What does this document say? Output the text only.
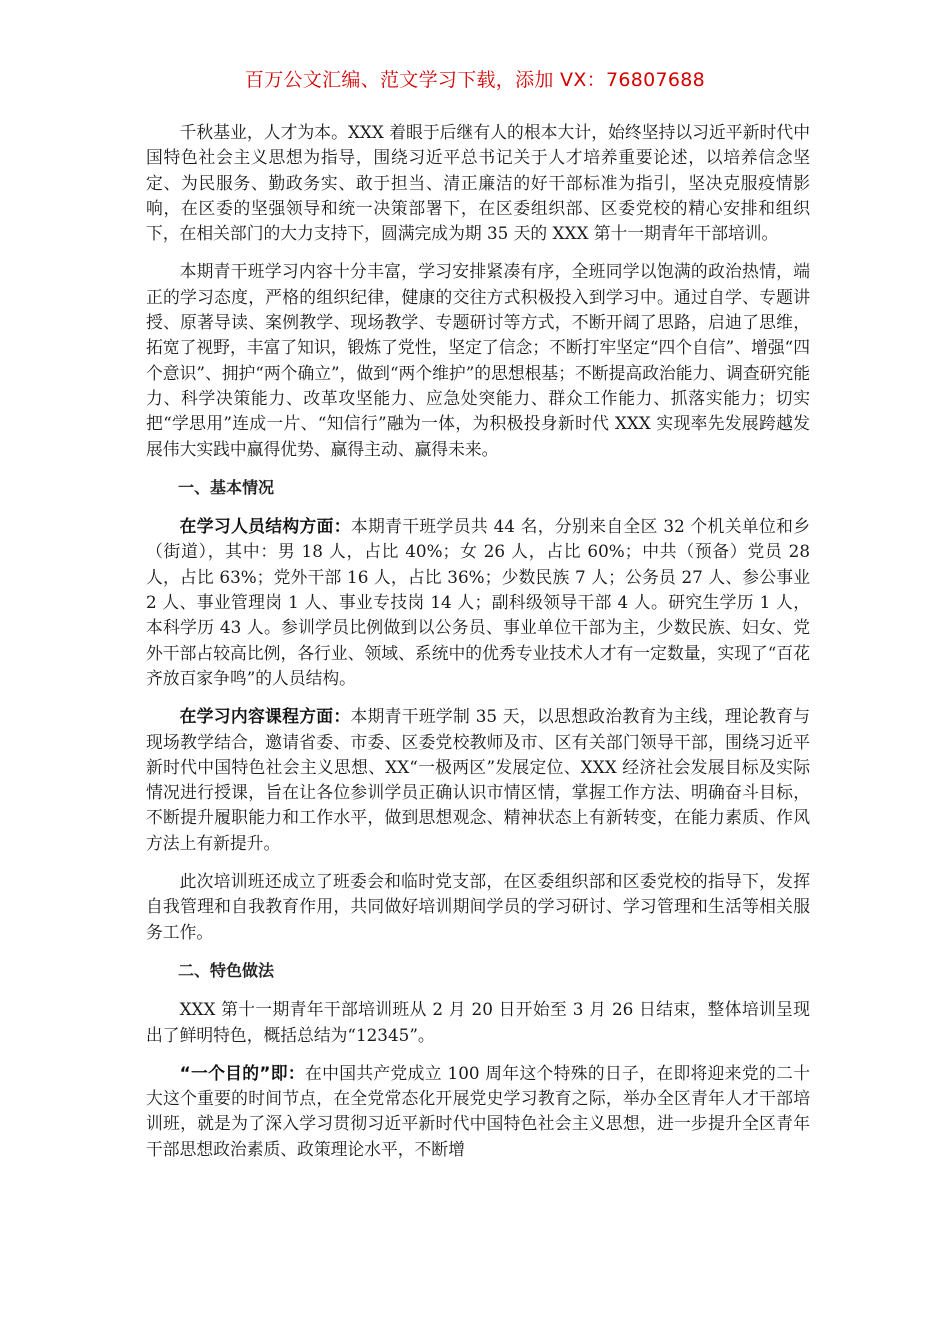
百万公文汇编、范文学习下载，添加 VX：76807688

千秋基业，人才为本。XXX 着眼于后继有人的根本大计，始终坚持以习近平新时代中国特色社会主义思想为指导，围绕习近平总书记关于人才培养重要论述，以培养信念坚定、为民服务、勤政务实、敢于担当、清正廉洁的好干部标准为指引，坚决克服疫情影响，在区委的坚强领导和统一决策部署下，在区委组织部、区委党校的精心安排和组织下，在相关部门的大力支持下，圆满完成为期 35 天的 XXX 第十一期青年干部培训。

本期青干班学习内容十分丰富，学习安排紧凑有序，全班同学以饱满的政治热情，端正的学习态度，严格的组织纪律，健康的交往方式积极投入到学习中。通过自学、专题讲授、原著导读、案例教学、现场教学、专题研讨等方式，不断开阔了思路，启迪了思维，拓宽了视野，丰富了知识，锻炼了党性，坚定了信念；不断打牢坚定“四个自信”、增强“四个意识”、拥护“两个确立”，做到“两个维护”的思想根基；不断提高政治能力、调查研究能力、科学决策能力、改革攻坚能力、应急处突能力、群众工作能力、抓落实能力；切实把“学思用”连成一片、“知信行”融为一体，为积极投身新时代 XXX 实现率先发展跨越发展伟大实践中赢得优势、赢得主动、赢得未来。

一、基本情况

在学习人员结构方面：本期青干班学员共 44 名，分别来自全区 32 个机关单位和乡（街道），其中：男 18 人，占比 40%；女 26 人，占比 60%；中共（预备）党员 28 人，占比 63%；党外干部 16 人，占比 36%；少数民族 7 人；公务员 27 人、参公事业 2 人、事业管理岗 1 人、事业专技岗 14 人；副科级领导干部 4 人。研究生学历 1 人，本科学历 43 人。参训学员比例做到以公务员、事业单位干部为主，少数民族、妇女、党外干部占较高比例，各行业、领域、系统中的优秀专业技术人才有一定数量，实现了“百花齐放百家争鸣”的人员结构。

在学习内容课程方面：本期青干班学制 35 天，以思想政治教育为主线，理论教育与现场教学结合，邀请省委、市委、区委党校教师及市、区有关部门领导干部，围绕习近平新时代中国特色社会主义思想、XX“一极两区”发展定位、XXX 经济社会发展目标及实际情况进行授课，旨在让各位参训学员正确认识市情区情，掌握工作方法、明确奋斗目标，不断提升履职能力和工作水平，做到思想观念、精神状态上有新转变，在能力素质、作风方法上有新提升。

此次培训班还成立了班委会和临时党支部，在区委组织部和区委党校的指导下，发挥自我管理和自我教育作用，共同做好培训期间学员的学习研讨、学习管理和生活等相关服务工作。

二、特色做法

XXX 第十一期青年干部培训班从 2 月 20 日开始至 3 月 26 日结束，整体培训呈现出了鲜明特色，概括总结为“12345”。

“一个目的”即：在中国共产党成立 100 周年这个特殊的日子，在即将迎来党的二十大这个重要的时间节点，在全党常态化开展党史学习教育之际，举办全区青年人才干部培训班，就是为了深入学习贯彻习近平新时代中国特色社会主义思想，进一步提升全区青年干部思想政治素质、政策理论水平，不断增
